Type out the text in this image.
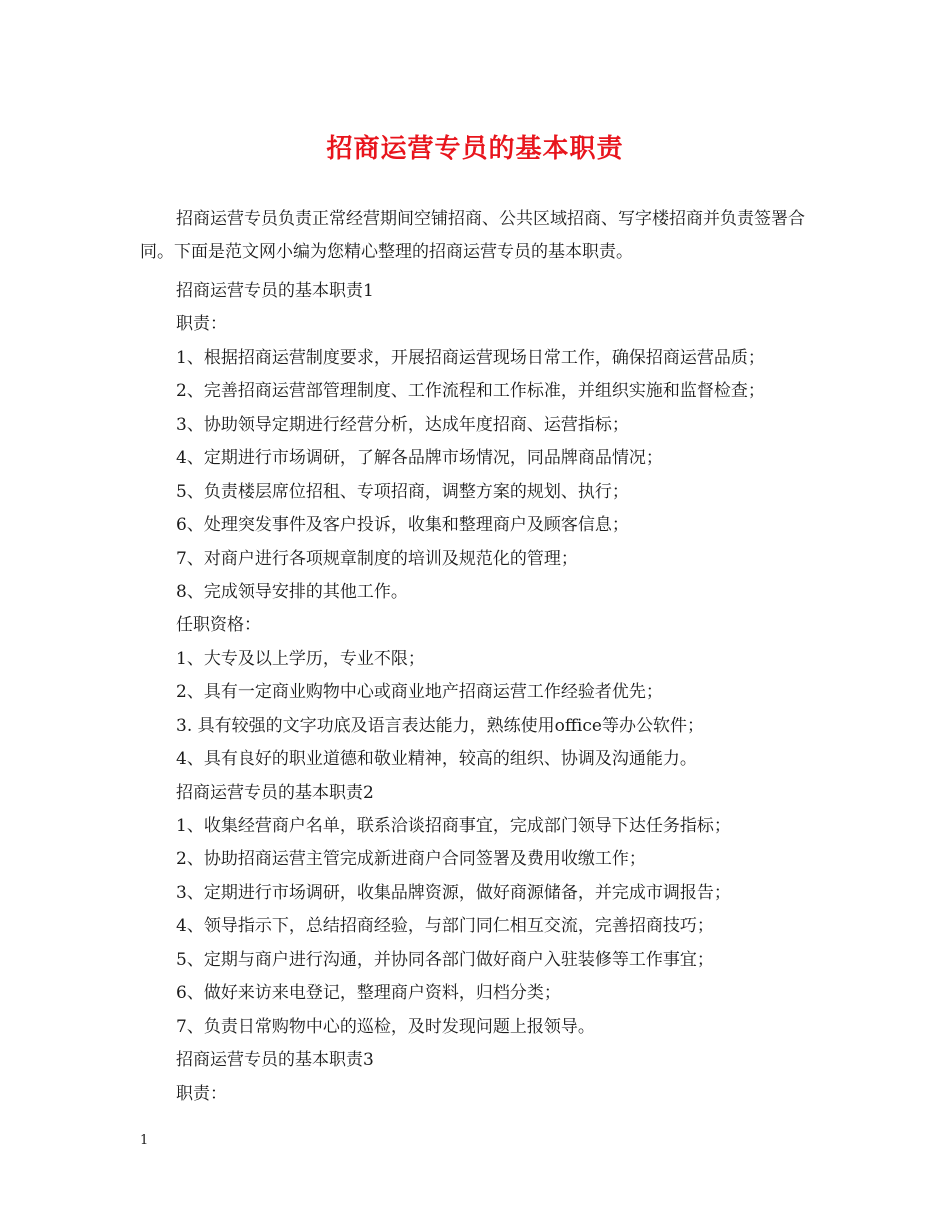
招商运营专员的基本职责

招商运营专员负责正常经营期间空铺招商、公共区域招商、写字楼招商并负责签署合同。下面是范文网小编为您精心整理的招商运营专员的基本职责。

招商运营专员的基本职责1
职责：
1、根据招商运营制度要求，开展招商运营现场日常工作，确保招商运营品质；
2、完善招商运营部管理制度、工作流程和工作标准，并组织实施和监督检查；
3、协助领导定期进行经营分析，达成年度招商、运营指标；
4、定期进行市场调研，了解各品牌市场情况，同品牌商品情况；
5、负责楼层席位招租、专项招商，调整方案的规划、执行；
6、处理突发事件及客户投诉，收集和整理商户及顾客信息；
7、对商户进行各项规章制度的培训及规范化的管理；
8、完成领导安排的其他工作。
任职资格：
1、大专及以上学历，专业不限；
2、具有一定商业购物中心或商业地产招商运营工作经验者优先；
3. 具有较强的文字功底及语言表达能力，熟练使用office等办公软件；
4、具有良好的职业道德和敬业精神，较高的组织、协调及沟通能力。
招商运营专员的基本职责2
1、收集经营商户名单，联系洽谈招商事宜，完成部门领导下达任务指标；
2、协助招商运营主管完成新进商户合同签署及费用收缴工作；
3、定期进行市场调研，收集品牌资源，做好商源储备，并完成市调报告；
4、领导指示下，总结招商经验，与部门同仁相互交流，完善招商技巧；
5、定期与商户进行沟通，并协同各部门做好商户入驻装修等工作事宜；
6、做好来访来电登记，整理商户资料，归档分类；
7、负责日常购物中心的巡检，及时发现问题上报领导。
招商运营专员的基本职责3
职责：
1
